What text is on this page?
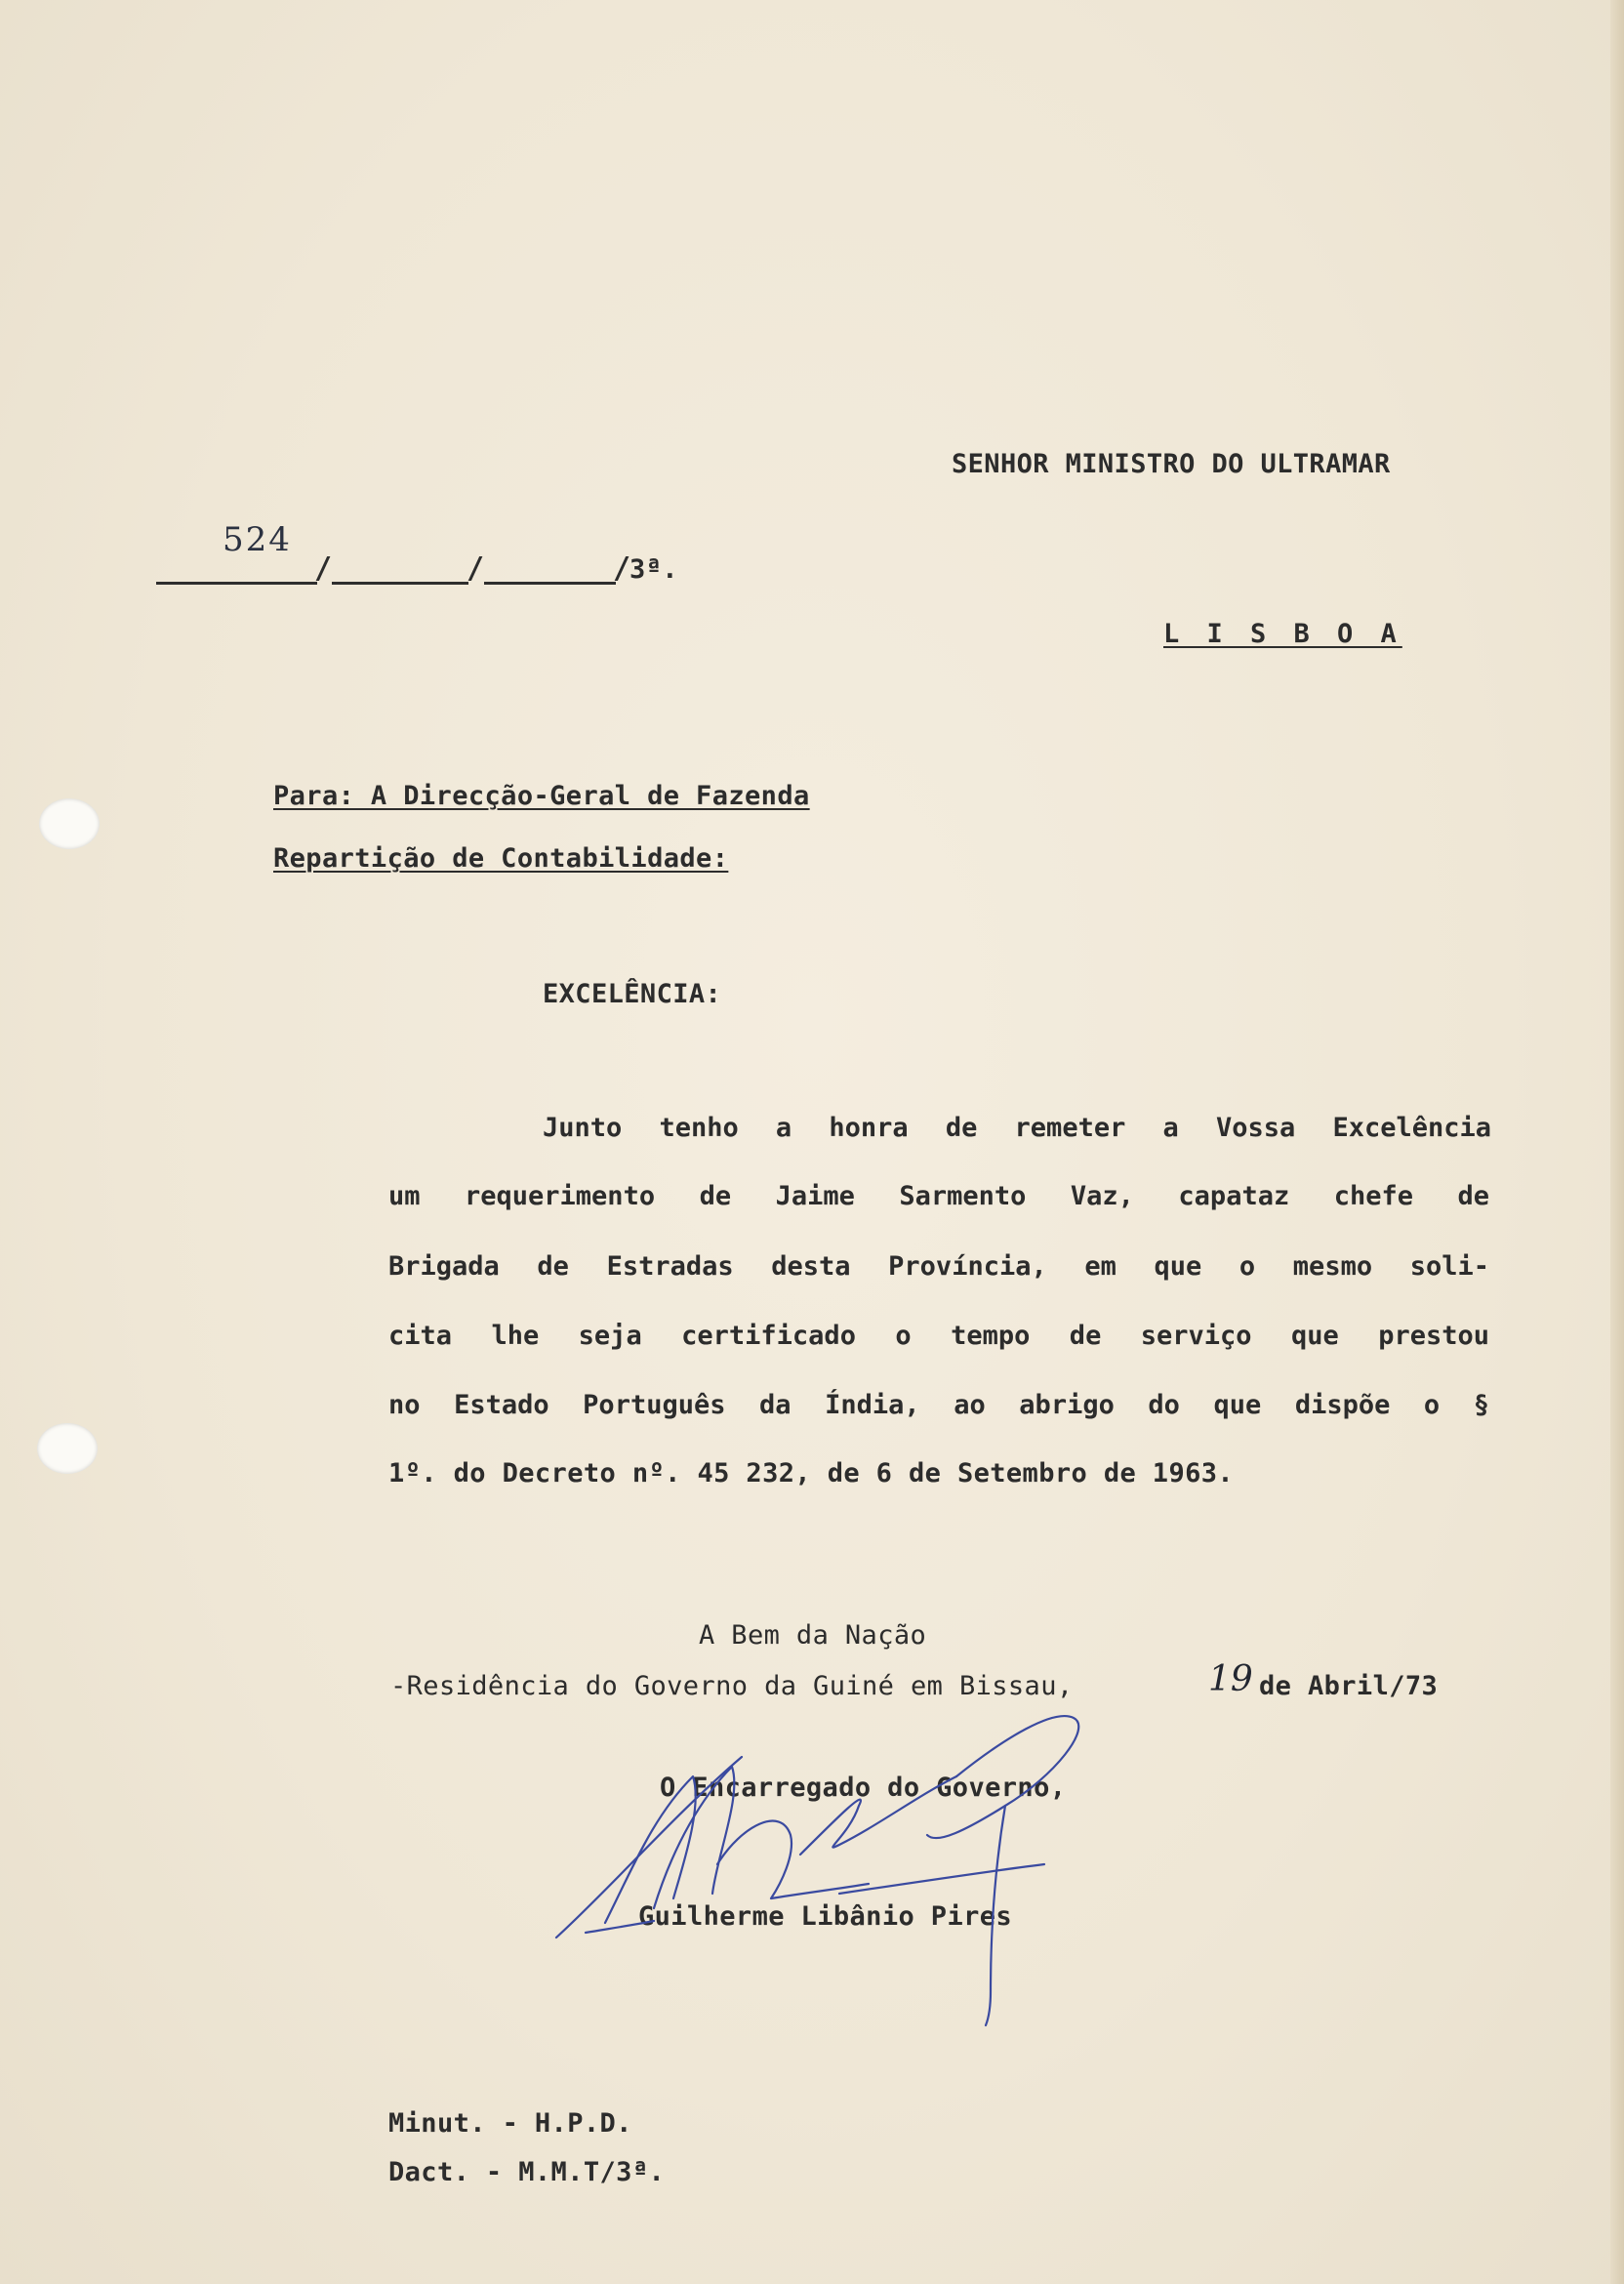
SENHOR MINISTRO DO ULTRAMAR
524
/	/	/
3ª.
L I S B O A
Para: A Direcção-Geral de Fazenda
Repartição de Contabilidade:
EXCELÊNCIA:
Junto tenho a honra de remeter a Vossa Excelência
um requerimento de Jaime Sarmento Vaz, capataz chefe de
Brigada de Estradas desta Província, em que o mesmo soli-
cita lhe seja certificado o tempo de serviço que prestou
no Estado Português da Índia, ao abrigo do que dispõe o §
1º. do Decreto nº. 45 232, de 6 de Setembro de 1963.
A Bem da Nação
-Residência do Governo da Guiné em Bissau,	19 de Abril/73
O Encarregado do Governo,
Guilherme Libânio Pires
Minut. - H.P.D.
Dact. - M.M.T/3ª.
